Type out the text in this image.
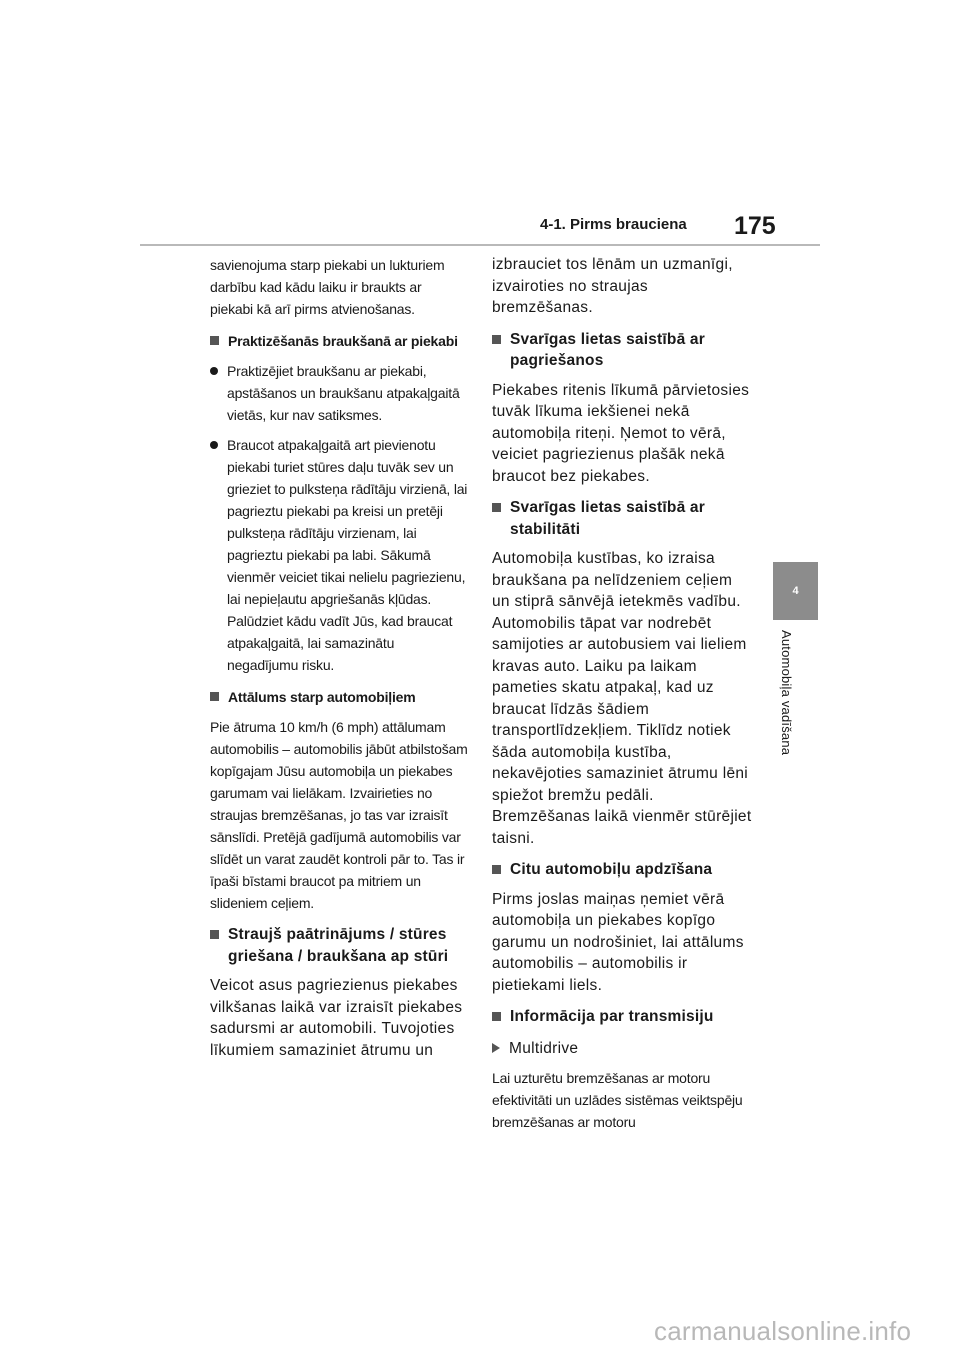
4-1. Pirms brauciena 175
4
Automobiļa vadīšana

savienojuma starp piekabi un lukturiem darbību kad kādu laiku ir braukts ar piekabi kā arī pirms atvienošanas.

Praktizēšanās braukšanā ar piekabi

Praktizējiet braukšanu ar piekabi, apstāšanos un braukšanu atpakaļgaitā vietās, kur nav satiksmes.

Braucot atpakaļgaitā art pievienotu piekabi turiet stūres daļu tuvāk sev un grieziet to pulksteņa rādītāju virzienā, lai pagrieztu piekabi pa kreisi un pretēji pulksteņa rādītāju virzienam, lai pagrieztu piekabi pa labi. Sākumā vienmēr veiciet tikai nelielu pagriezienu, lai nepieļautu apgriešanās kļūdas. Palūdziet kādu vadīt Jūs, kad braucat atpakaļgaitā, lai samazinātu negadījumu risku.

Attālums starp automobiļiem

Pie ātruma 10 km/h (6 mph) attālumam automobilis – automobilis jābūt atbilstošam kopīgajam Jūsu automobiļa un piekabes garumam vai lielākam. Izvairieties no straujas bremzēšanas, jo tas var izraisīt sānslīdi. Pretējā gadījumā automobilis var slīdēt un varat zaudēt kontroli pār to. Tas ir īpaši bīstami braucot pa mitriem un slideniem ceļiem.

Straujš paātrinājums / stūres griešana / braukšana ap stūri

Veicot asus pagriezienus piekabes vilkšanas laikā var izraisīt piekabes sadursmi ar automobili. Tuvojoties līkumiem samaziniet ātrumu un

izbrauciet tos lēnām un uzmanīgi, izvairoties no straujas bremzēšanas.

Svarīgas lietas saistībā ar pagriešanos

Piekabes ritenis līkumā pārvietosies tuvāk līkuma iekšienei nekā automobiļa riteņi. Ņemot to vērā, veiciet pagriezienus plašāk nekā braucot bez piekabes.

Svarīgas lietas saistībā ar stabilitāti

Automobiļa kustības, ko izraisa braukšana pa nelīdzeniem ceļiem un stiprā sānvējā ietekmēs vadību. Automobilis tāpat var nodrebēt samijoties ar autobusiem vai lieliem kravas auto. Laiku pa laikam pameties skatu atpakaļ, kad uz braucat līdzās šādiem transportlīdzekļiem. Tiklīdz notiek šāda automobiļa kustība, nekavējoties samaziniet ātrumu lēni spiežot bremžu pedāli. Bremzēšanas laikā vienmēr stūrējiet taisni.

Citu automobiļu apdzīšana

Pirms joslas maiņas ņemiet vērā automobiļa un piekabes kopīgo garumu un nodrošiniet, lai attālums automobilis – automobilis ir pietiekami liels.

Informācija par transmisiju

Multidrive

Lai uzturētu bremzēšanas ar motoru efektivitāti un uzlādes sistēmas veiktspēju bremzēšanas ar motoru

carmanualsonline.info
